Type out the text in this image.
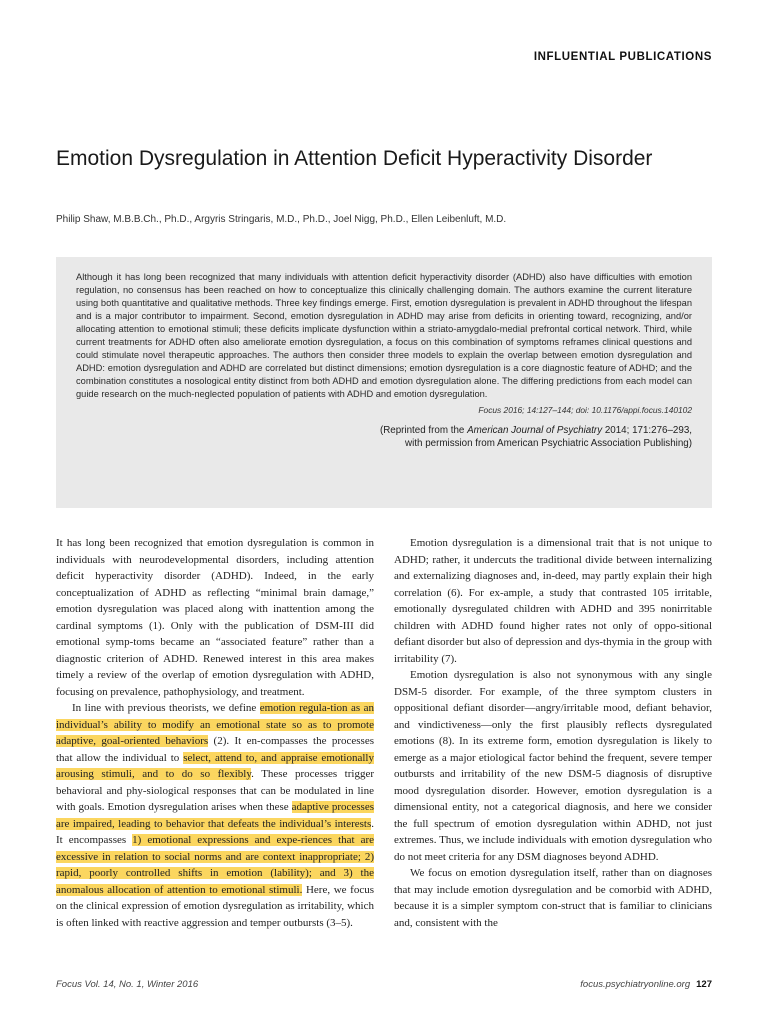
INFLUENTIAL PUBLICATIONS
Emotion Dysregulation in Attention Deficit Hyperactivity Disorder
Philip Shaw, M.B.B.Ch., Ph.D., Argyris Stringaris, M.D., Ph.D., Joel Nigg, Ph.D., Ellen Leibenluft, M.D.

Although it has long been recognized that many individuals with attention deficit hyperactivity disorder (ADHD) also have difficulties with emotion regulation, no consensus has been reached on how to conceptualize this clinically challenging domain. The authors examine the current literature using both quantitative and qualitative methods. Three key findings emerge. First, emotion dysregulation is prevalent in ADHD throughout the lifespan and is a major contributor to impairment. Second, emotion dysregulation in ADHD may arise from deficits in orienting toward, recognizing, and/or allocating attention to emotional stimuli; these deficits implicate dysfunction within a striato-amygdalo-medial prefrontal cortical network. Third, while current treatments for ADHD often also ameliorate emotion dysregulation, a focus on this combination of symptoms reframes clinical questions and could stimulate novel therapeutic approaches. The authors then consider three models to explain the overlap between emotion dysregulation and ADHD: emotion dysregulation and ADHD are correlated but distinct dimensions; emotion dysregulation is a core diagnostic feature of ADHD; and the combination constitutes a nosological entity distinct from both ADHD and emotion dysregulation alone. The differing predictions from each model can guide research on the much-neglected population of patients with ADHD and emotion dysregulation.

Focus 2016; 14:127–144; doi: 10.1176/appi.focus.140102
(Reprinted from the American Journal of Psychiatry 2014; 171:276–293,
with permission from American Psychiatric Association Publishing)

It has long been recognized that emotion dysregulation is common in individuals with neurodevelopmental disorders, including attention deficit hyperactivity disorder (ADHD). Indeed, in the early conceptualization of ADHD as reflecting “minimal brain damage,” emotion dysregulation was placed along with inattention among the cardinal symptoms (1). Only with the publication of DSM-III did emotional symp-toms became an “associated feature” rather than a diagnostic criterion of ADHD. Renewed interest in this area makes timely a review of the overlap of emotion dysregulation with ADHD, focusing on prevalence, pathophysiology, and treatment.

In line with previous theorists, we define emotion regula-tion as an individual’s ability to modify an emotional state so as to promote adaptive, goal-oriented behaviors (2). It en-compasses the processes that allow the individual to select, attend to, and appraise emotionally arousing stimuli, and to do so flexibly. These processes trigger behavioral and phy-siological responses that can be modulated in line with goals. Emotion dysregulation arises when these adaptive processes are impaired, leading to behavior that defeats the individual’s interests. It encompasses 1) emotional expressions and expe-riences that are excessive in relation to social norms and are context inappropriate; 2) rapid, poorly controlled shifts in emotion (lability); and 3) the anomalous allocation of attention to emotional stimuli. Here, we focus on the clinical expression of emotion dysregulation as irritability, which is often linked with reactive aggression and temper outbursts (3–5).

Emotion dysregulation is a dimensional trait that is not unique to ADHD; rather, it undercuts the traditional divide between internalizing and externalizing diagnoses and, in-deed, may partly explain their high correlation (6). For ex-ample, a study that contrasted 105 irritable, emotionally dysregulated children with ADHD and 395 nonirritable children with ADHD found higher rates not only of oppo-sitional defiant disorder but also of depression and dys-thymia in the group with irritability (7).

Emotion dysregulation is also not synonymous with any single DSM-5 disorder. For example, of the three symptom clusters in oppositional defiant disorder—angry/irritable mood, defiant behavior, and vindictiveness—only the first plausibly reflects dysregulated emotions (8). In its extreme form, emotion dysregulation is likely to emerge as a major etiological factor behind the frequent, severe temper outbursts and irritability of the new DSM-5 diagnosis of disruptive mood dysregulation disorder. However, emotion dysregulation is a dimensional entity, not a categorical diagnosis, and here we consider the full spectrum of emotion dysregulation within ADHD, not just extremes. Thus, we include individuals with emotion dysregulation who do not meet criteria for any DSM diagnoses beyond ADHD.

We focus on emotion dysregulation itself, rather than on diagnoses that may include emotion dysregulation and be comorbid with ADHD, because it is a simpler symptom con-struct that is familiar to clinicians and, consistent with the

Focus Vol. 14, No. 1, Winter 2016	focus.psychiatryonline.org 127
